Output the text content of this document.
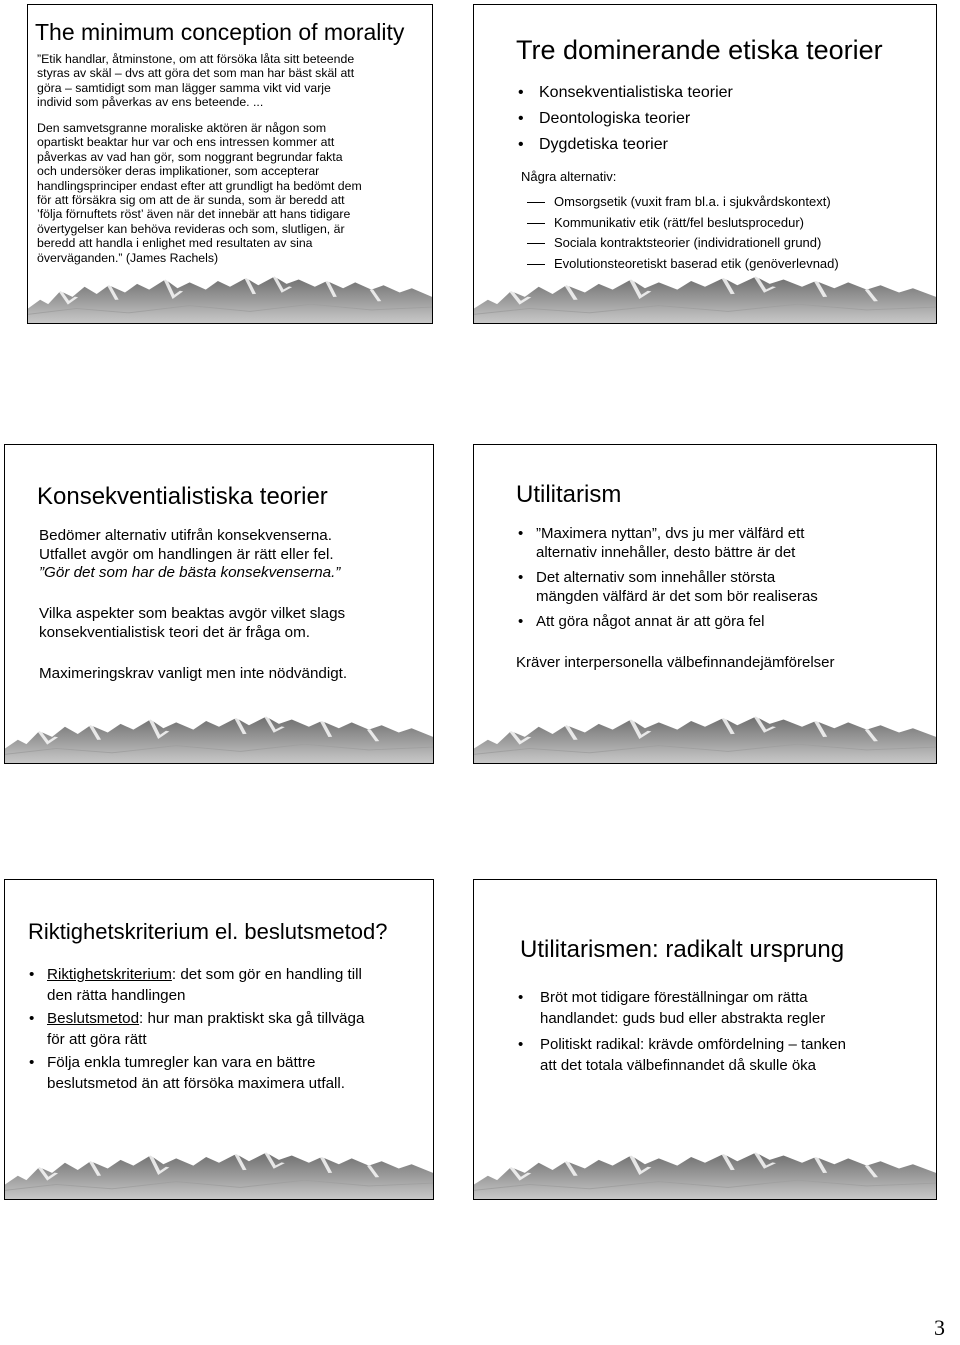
The minimum conception of morality
”Etik handlar, åtminstone, om att försöka låta sitt beteende
styras av skäl – dvs att göra det som man har bäst skäl att
göra – samtidigt som man lägger samma vikt vid varje
individ som påverkas av ens beteende. ...
Den samvetsgranne moraliske aktören är någon som
opartiskt beaktar hur var och ens intressen kommer att
påverkas av vad han gör, som noggrant begrundar fakta
och undersöker deras implikationer, som accepterar
handlingsprinciper endast efter att grundligt ha bedömt dem
för att försäkra sig om att de är sunda, som är beredd att
’följa förnuftets röst’ även när det innebär att hans tidigare
övertygelser kan behöva revideras och som, slutligen, är
beredd att handla i enlighet med resultaten av sina
överväganden.” (James Rachels)
Tre dominerande etiska teorier
• Konsekventialistiska teorier
• Deontologiska teorier
• Dygdetiska teorier
Några alternativ:
Omsorgsetik (vuxit fram bl.a. i sjukvårdskontext)
Kommunikativ etik (rätt/fel beslutsprocedur)
Sociala kontraktsteorier (individrationell grund)
Evolutionsteoretiskt baserad etik (genöverlevnad)
Konsekventialistiska teorier
Bedömer alternativ utifrån konsekvenserna.
Utfallet avgör om handlingen är rätt eller fel.
”Gör det som har de bästa konsekvenserna.”
Vilka aspekter som beaktas avgör vilket slags
konsekventialistisk teori det är fråga om.
Maximeringskrav vanligt men inte nödvändigt.
Utilitarism
• ”Maximera nyttan”, dvs ju mer välfärd ett
alternativ innehåller, desto bättre är det
• Det alternativ som innehåller största
mängden välfärd är det som bör realiseras
• Att göra något annat är att göra fel
Kräver interpersonella välbefinnandejämförelser
Riktighetskriterium el. beslutsmetod?
• Riktighetskriterium: det som gör en handling till
den rätta handlingen
• Beslutsmetod: hur man praktiskt ska gå tillväga
för att göra rätt
• Följa enkla tumregler kan vara en bättre
beslutsmetod än att försöka maximera utfall.
Utilitarismen: radikalt ursprung
• Bröt mot tidigare föreställningar om rätta
handlandet: guds bud eller abstrakta regler
• Politiskt radikal: krävde omfördelning – tanken
att det totala välbefinnandet då skulle öka
3
